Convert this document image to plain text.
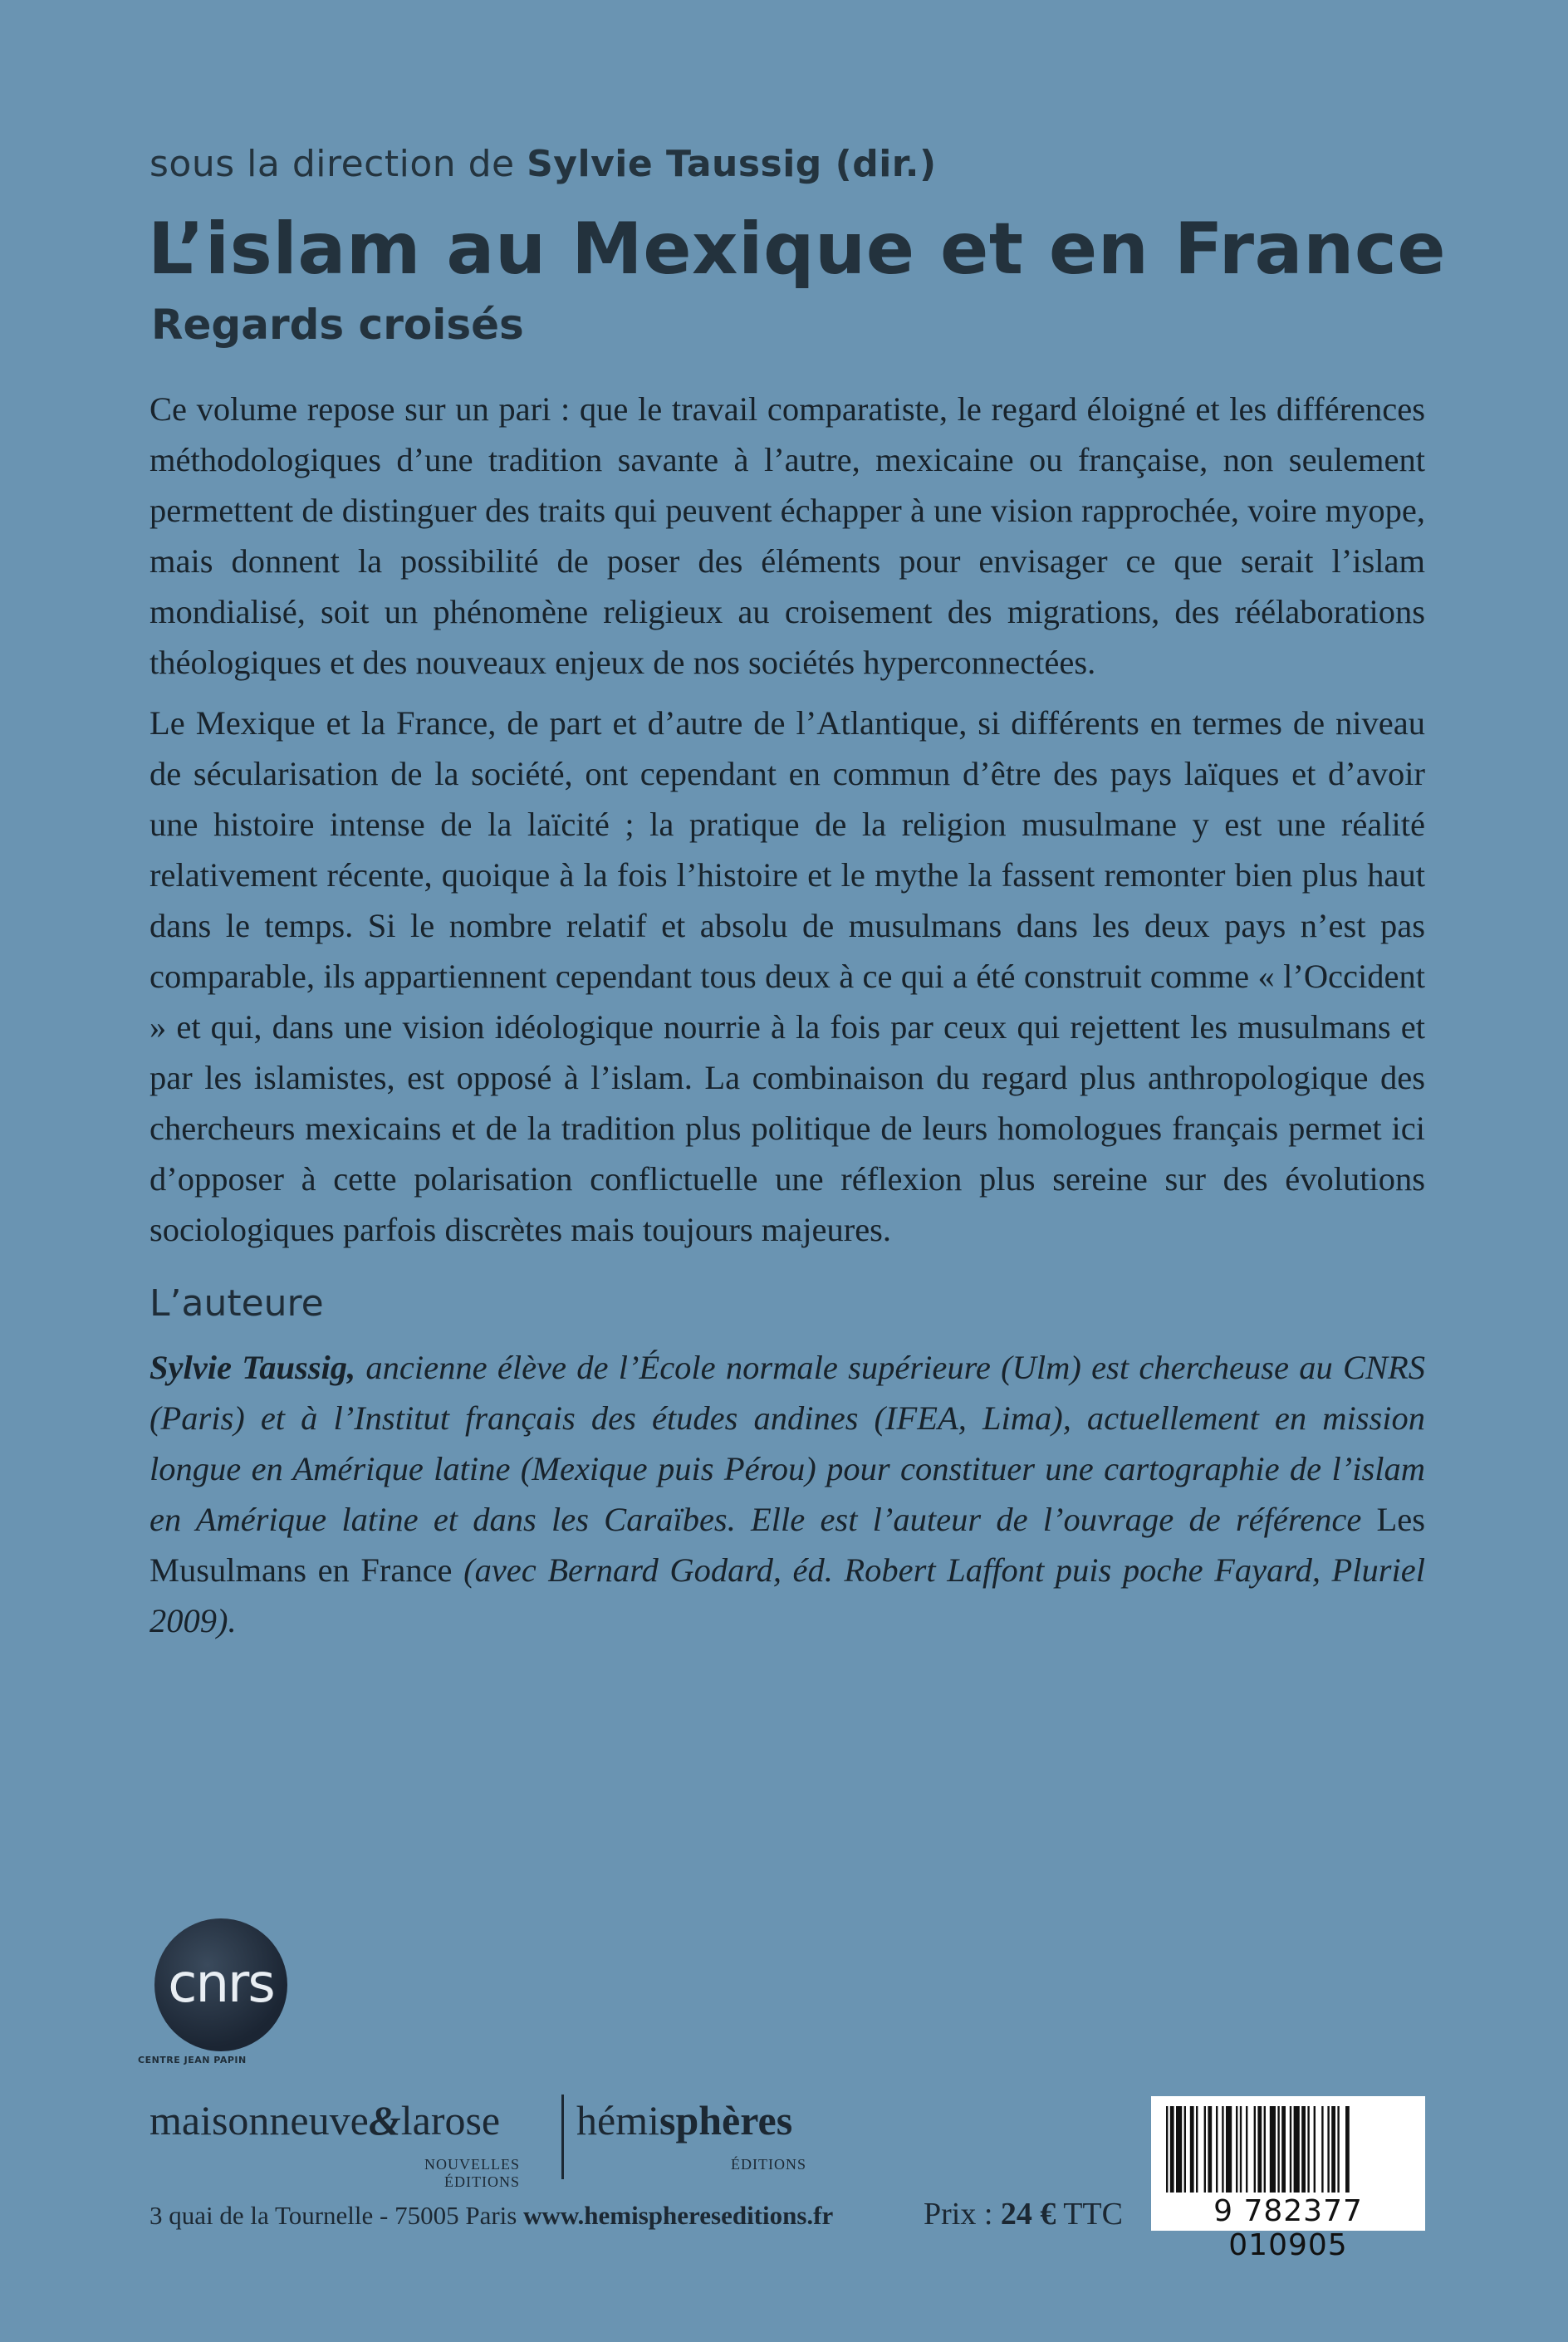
sous la direction de Sylvie Taussig (dir.)
L’islam au Mexique et en France
Regards croisés

Ce volume repose sur un pari : que le travail comparatiste, le regard éloigné et les différences méthodologiques d’une tradition savante à l’autre, mexicaine ou française, non seulement permettent de distinguer des traits qui peuvent échapper à une vision rapprochée, voire myope, mais donnent la possibilité de poser des éléments pour envisager ce que serait l’islam mondialisé, soit un phénomène religieux au croisement des migrations, des réélaborations théologiques et des nouveaux enjeux de nos sociétés hyperconnectées.

Le Mexique et la France, de part et d’autre de l’Atlantique, si différents en termes de niveau de sécularisation de la société, ont cependant en commun d’être des pays laïques et d’avoir une histoire intense de la laïcité ; la pratique de la religion musulmane y est une réalité relativement récente, quoique à la fois l’histoire et le mythe la fassent remonter bien plus haut dans le temps. Si le nombre relatif et absolu de musulmans dans les deux pays n’est pas comparable, ils appartiennent cependant tous deux à ce qui a été construit comme « l’Occident » et qui, dans une vision idéologique nourrie à la fois par ceux qui rejettent les musulmans et par les islamistes, est opposé à l’islam. La combinaison du regard plus anthropologique des chercheurs mexicains et de la tradition plus politique de leurs homologues français permet ici d’opposer à cette polarisation conflictuelle une réflexion plus sereine sur des évolutions sociologiques parfois discrètes mais toujours majeures.

L’auteure
Sylvie Taussig, ancienne élève de l’École normale supérieure (Ulm) est chercheuse au CNRS (Paris) et à l’Institut français des études andines (IFEA, Lima), actuellement en mission longue en Amérique latine (Mexique puis Pérou) pour constituer une cartographie de l’islam en Amérique latine et dans les Caraïbes. Elle est l’auteur de l’ouvrage de référence Les Musulmans en France (avec Bernard Godard, éd. Robert Laffont puis poche Fayard, Pluriel 2009).
cnrs
CENTRE JEAN PAPIN
maisonneuve&larose
NOUVELLES ÉDITIONS
hémisphères
ÉDITIONS
3 quai de la Tournelle - 75005 Paris www.hemisphereseditions.fr	Prix : 24 € TTC	9 782377 010905
